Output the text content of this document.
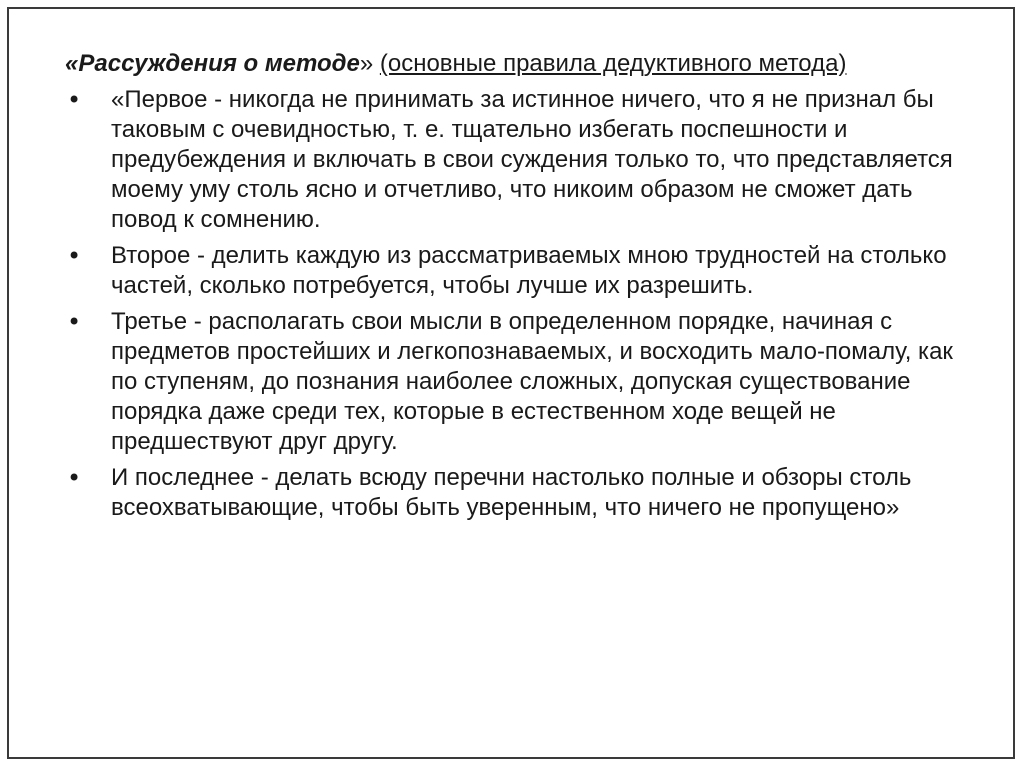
«Рассуждения о методе» (основные правила дедуктивного метода)

• «Первое - никогда не принимать за истинное ничего, что я не признал бы таковым с очевидностью, т. е. тщательно избегать поспешности и предубеждения и включать в свои суждения только то, что представляется моему уму столь ясно и отчетливо, что никоим образом не сможет дать повод к сомнению.
• Второе - делить каждую из рассматриваемых мною трудностей на столько частей, сколько потребуется, чтобы лучше их разрешить.
• Третье - располагать свои мысли в определенном порядке, начиная с предметов простейших и легкопознаваемых, и восходить мало-помалу, как по ступеням, до познания наиболее сложных, допуская существование порядка даже среди тех, которые в естественном ходе вещей не предшествуют друг другу.
• И последнее - делать всюду перечни настолько полные и обзоры столь всеохватывающие, чтобы быть уверенным, что ничего не пропущено»
